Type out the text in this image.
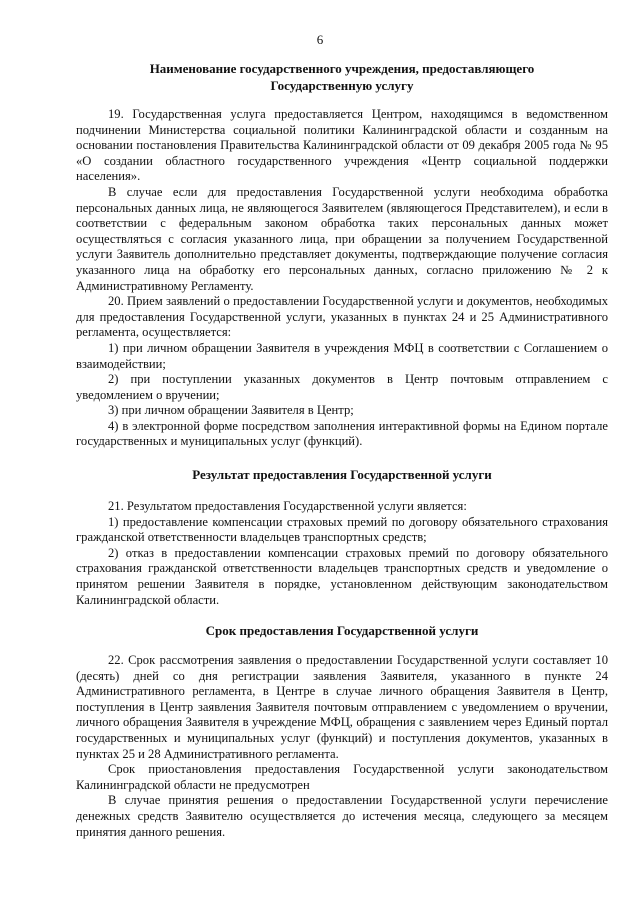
6

Наименование государственного учреждения, предоставляющего

Государственную услугу

19. Государственная услуга предоставляется Центром, находящимся в ведомственном подчинении Министерства социальной политики Калининградской области и созданным на основании постановления Правительства Калининградской области от 09 декабря 2005 года № 95 «О создании областного государственного учреждения «Центр социальной поддержки населения».

В случае если для предоставления Государственной услуги необходима обработка персональных данных лица, не являющегося Заявителем (являющегося Представителем), и если в соответствии с федеральным законом обработка таких персональных данных может осуществляться с согласия указанного лица, при обращении за получением Государственной услуги Заявитель дополнительно представляет документы, подтверждающие получение согласия указанного лица на обработку его персональных данных, согласно приложению № 2 к Административному Регламенту.

20. Прием заявлений о предоставлении Государственной услуги и документов, необходимых для предоставления Государственной услуги, указанных в пунктах 24 и 25 Административного регламента, осуществляется:

1) при личном обращении Заявителя в учреждения МФЦ в соответствии с Соглашением о взаимодействии;

2) при поступлении указанных документов в Центр почтовым отправлением с уведомлением о вручении;

3) при личном обращении Заявителя в Центр;

4) в электронной форме посредством заполнения интерактивной формы на Едином портале государственных и муниципальных услуг (функций).

Результат предоставления Государственной услуги

21. Результатом предоставления Государственной услуги является:

1) предоставление компенсации страховых премий по договору обязательного страхования гражданской ответственности владельцев транспортных средств;

2) отказ в предоставлении компенсации страховых премий по договору обязательного страхования гражданской ответственности владельцев транспортных средств и уведомление о принятом решении Заявителя в порядке, установленном действующим законодательством Калининградской области.

Срок предоставления Государственной услуги

22. Срок рассмотрения заявления о предоставлении Государственной услуги составляет 10 (десять) дней со дня регистрации заявления Заявителя, указанного в пункте 24 Административного регламента, в Центре в случае личного обращения Заявителя в Центр, поступления в Центр заявления Заявителя почтовым отправлением с уведомлением о вручении, личного обращения Заявителя в учреждение МФЦ, обращения с заявлением через Единый портал государственных и муниципальных услуг (функций) и поступления документов, указанных в пунктах 25 и 28 Административного регламента.

Срок приостановления предоставления Государственной услуги законодательством Калининградской области не предусмотрен

В случае принятия решения о предоставлении Государственной услуги перечисление денежных средств Заявителю осуществляется до истечения месяца, следующего за месяцем принятия данного решения.
